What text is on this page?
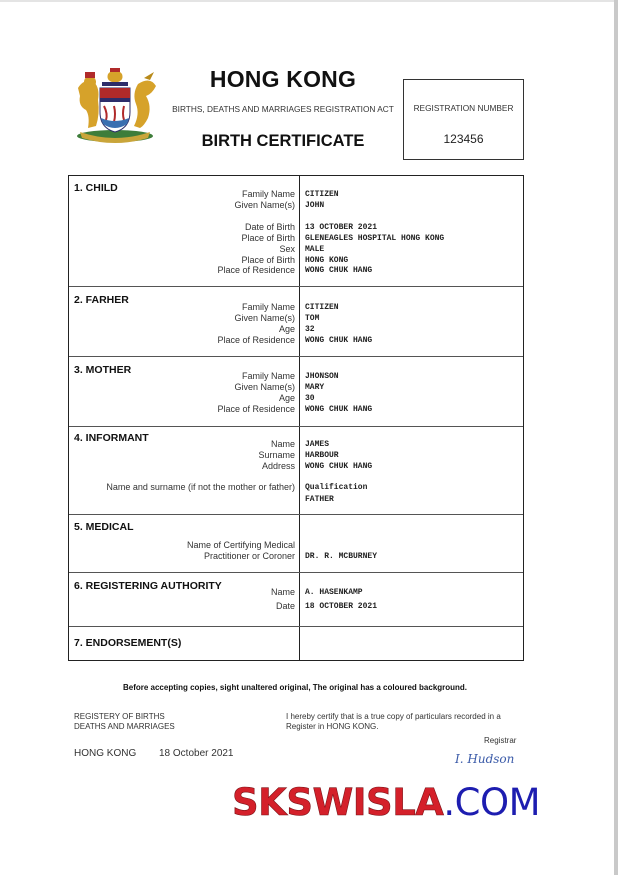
HONG KONG
BIRTHS, DEATHS AND MARRIAGES REGISTRATION ACT
BIRTH CERTIFICATE
REGISTRATION NUMBER
123456
1. CHILD	Family Name CITIZEN
Given Name(s) JOHN
Date of Birth 13 OCTOBER 2021
Place of Birth GLENEAGLES HOSPITAL HONG KONG
Sex MALE
Place of Birth HONG KONG
Place of Residence WONG CHUK HANG
2. FARHER
Family Name CITIZEN
Given Name(s) TOM
Age 32
Place of Residence WONG CHUK HANG
3. MOTHER	Family Name JHONSON
Given Name(s) MARY
Age 30
Place of Residence WONG CHUK HANG
4. INFORMANT	Name JAMES
Surname HARBOUR
Address WONG CHUK HANG
Name and surname (if not the mother or father) Qualification
FATHER
5. MEDICAL
Name of Certifying Medical
Practitioner or Coroner DR. R. MCBURNEY
6. REGISTERING AUTHORITY	Name A. HASENKAMP
Date 18 OCTOBER 2021
7. ENDORSEMENT(S)
Before accepting copies, sight unaltered original, The original has a coloured background.
REGISTERY OF BIRTHS
DEATHS AND MARRIAGES
I hereby certify that is a true copy of particulars recorded in a
Register in HONG KONG.
Registrar
HONG KONG 18 October 2021	I. Hudson
SKSWISLA.COM
